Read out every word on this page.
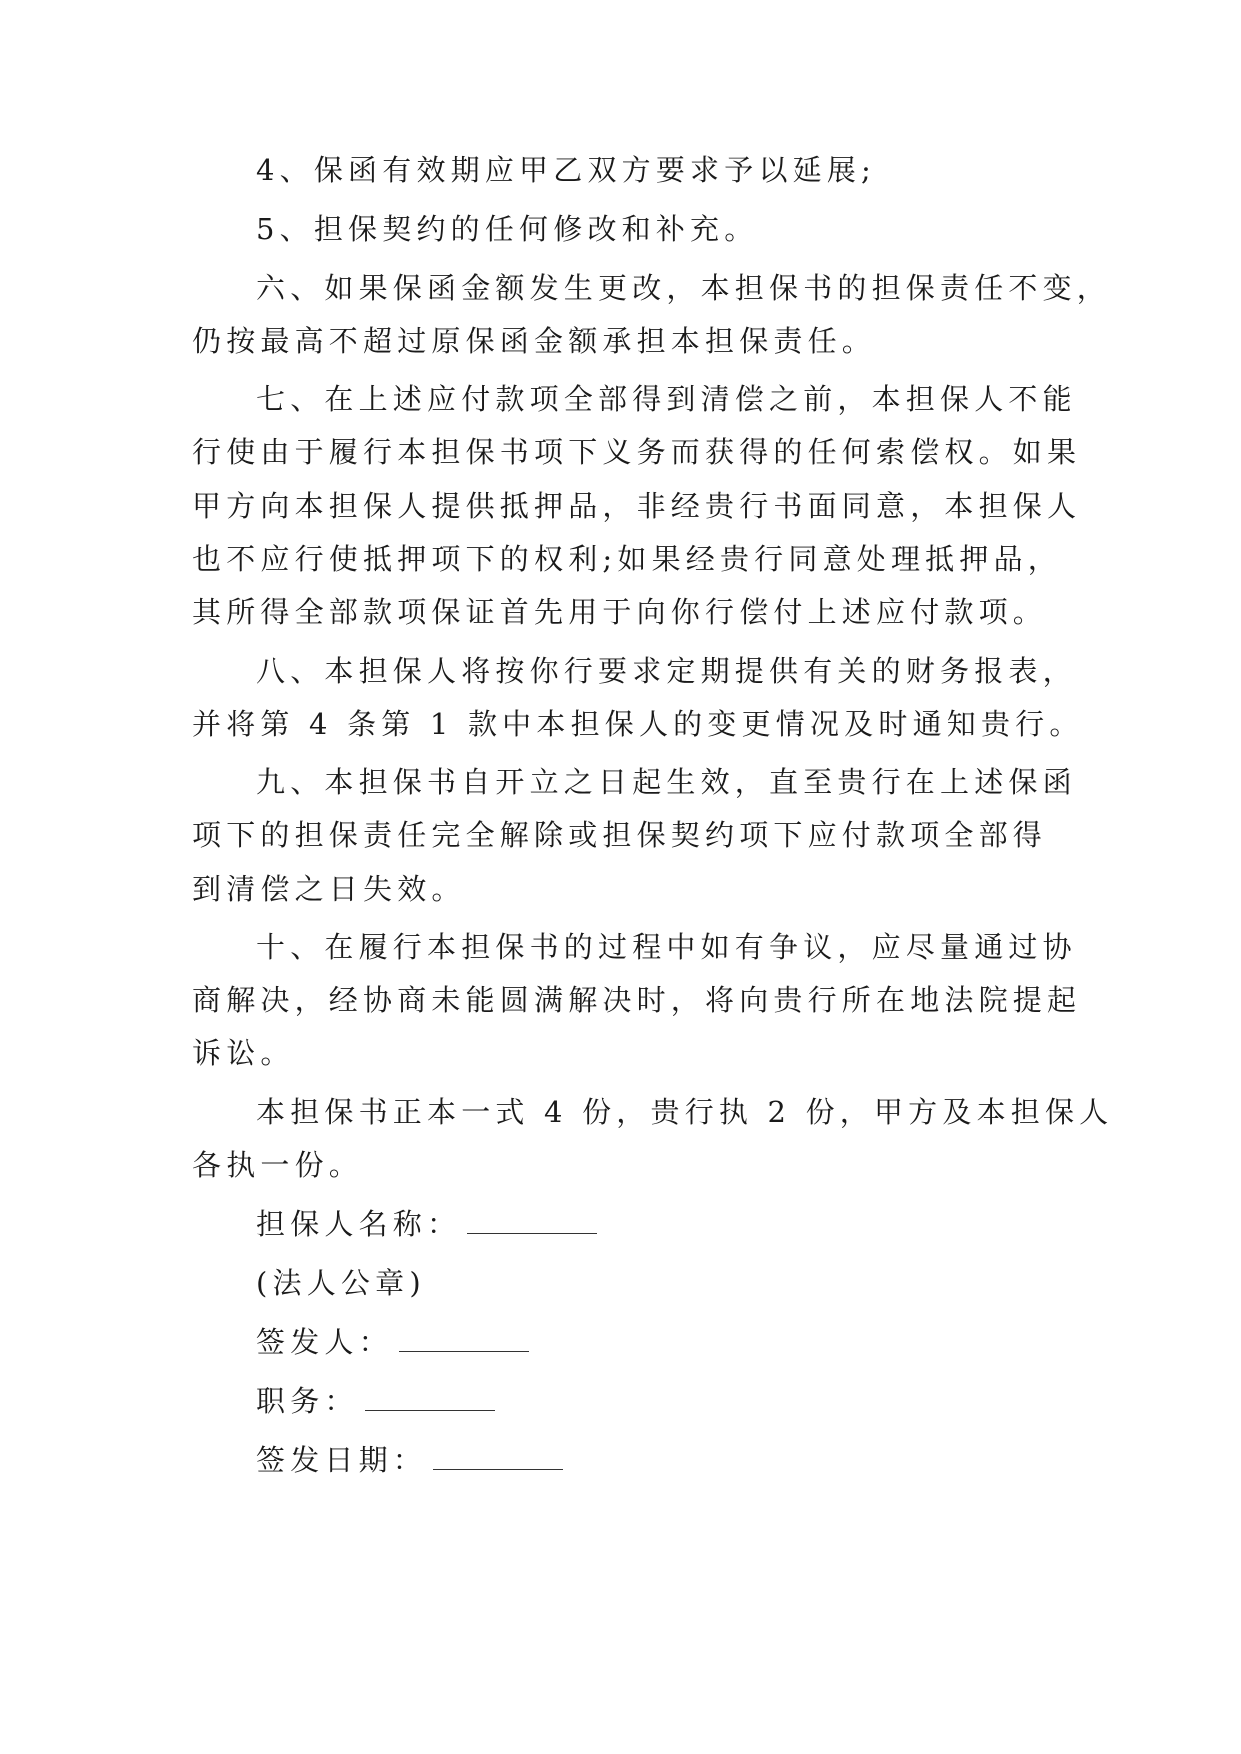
4、保函有效期应甲乙双方要求予以延展;

5、担保契约的任何修改和补充。

六、如果保函金额发生更改，本担保书的担保责任不变，

仍按最高不超过原保函金额承担本担保责任。

七、在上述应付款项全部得到清偿之前，本担保人不能

行使由于履行本担保书项下义务而获得的任何索偿权。如果

甲方向本担保人提供抵押品，非经贵行书面同意，本担保人

也不应行使抵押项下的权利;如果经贵行同意处理抵押品，

其所得全部款项保证首先用于向你行偿付上述应付款项。

八、本担保人将按你行要求定期提供有关的财务报表，

并将第 4 条第 1 款中本担保人的变更情况及时通知贵行。

九、本担保书自开立之日起生效，直至贵行在上述保函

项下的担保责任完全解除或担保契约项下应付款项全部得

到清偿之日失效。

十、在履行本担保书的过程中如有争议，应尽量通过协

商解决，经协商未能圆满解决时，将向贵行所在地法院提起

诉讼。

本担保书正本一式 4 份，贵行执 2 份，甲方及本担保人

各执一份。

担保人名称：

(法人公章)

签发人：

职务：

签发日期：
